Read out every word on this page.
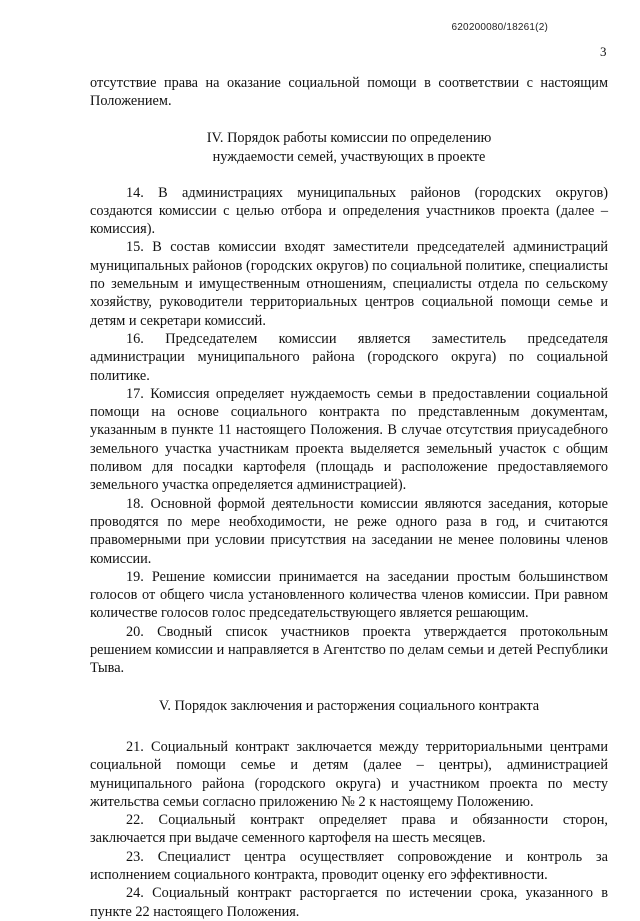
620200080/18261(2)
3

отсутствие права на оказание социальной помощи в соответствии с настоящим Положением.

IV. Порядок работы комиссии по определению
нуждаемости семей, участвующих в проекте

14. В администрациях муниципальных районов (городских округов) создаются комиссии с целью отбора и определения участников проекта (далее – комиссия).

15. В состав комиссии входят заместители председателей администраций муниципальных районов (городских округов) по социальной политике, специалисты по земельным и имущественным отношениям, специалисты отдела по сельскому хозяйству, руководители территориальных центров социальной помощи семье и детям и секретари комиссий.

16. Председателем комиссии является заместитель председателя администрации муниципального района (городского округа) по социальной политике.

17. Комиссия определяет нуждаемость семьи в предоставлении социальной помощи на основе социального контракта по представленным документам, указанным в пункте 11 настоящего Положения. В случае отсутствия приусадебного земельного участка участникам проекта выделяется земельный участок с общим поливом для посадки картофеля (площадь и расположение предоставляемого земельного участка определяется администрацией).

18. Основной формой деятельности комиссии являются заседания, которые проводятся по мере необходимости, не реже одного раза в год, и считаются правомерными при условии присутствия на заседании не менее половины членов комиссии.

19. Решение комиссии принимается на заседании простым большинством голосов от общего числа установленного количества членов комиссии. При равном количестве голосов голос председательствующего является решающим.

20. Сводный список участников проекта утверждается протокольным решением комиссии и направляется в Агентство по делам семьи и детей Республики Тыва.

V. Порядок заключения и расторжения социального контракта

21. Социальный контракт заключается между территориальными центрами социальной помощи семье и детям (далее – центры), администрацией муниципального района (городского округа) и участником проекта по месту жительства семьи согласно приложению № 2 к настоящему Положению.

22. Социальный контракт определяет права и обязанности сторон, заключается при выдаче семенного картофеля на шесть месяцев.

23. Специалист центра осуществляет сопровождение и контроль за исполнением социального контракта, проводит оценку его эффективности.

24. Социальный контракт расторгается по истечении срока, указанного в пункте 22 настоящего Положения.
